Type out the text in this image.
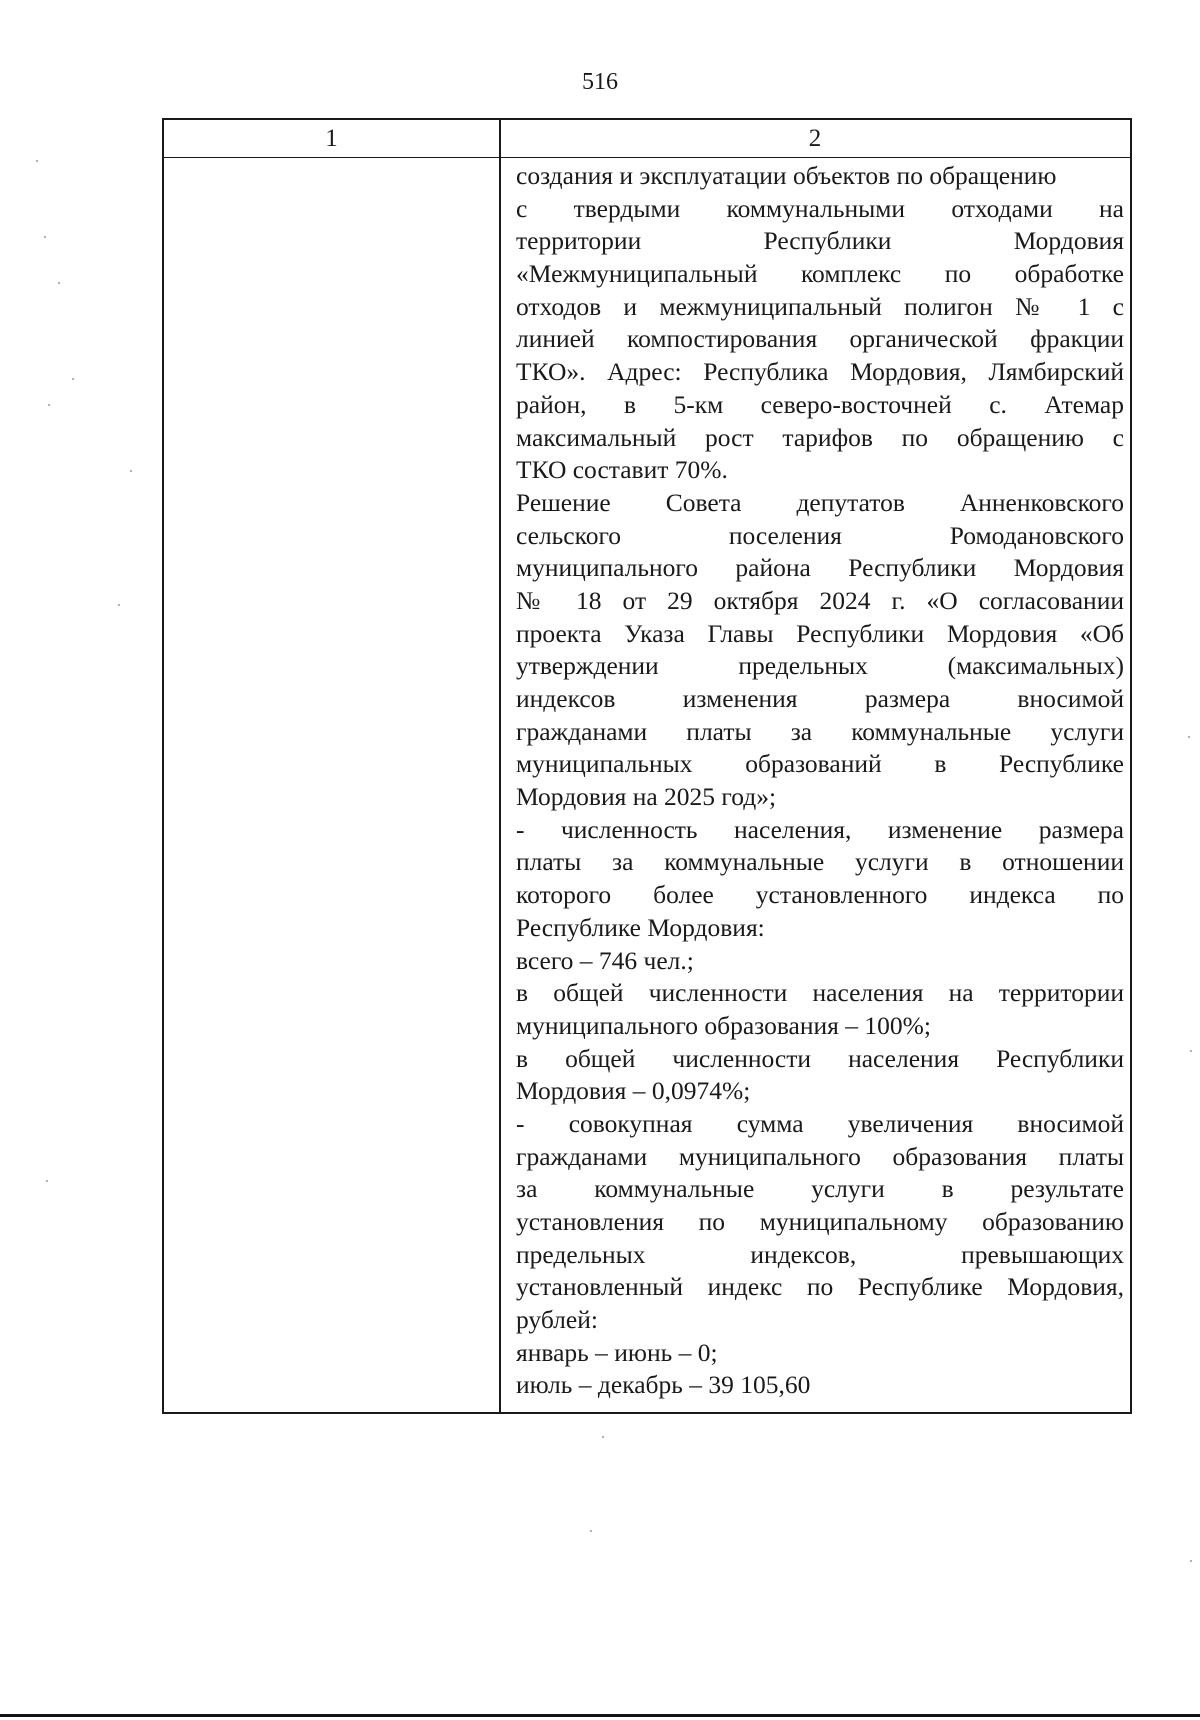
516
1	2
создания и эксплуатации объектов по обращению
с твердыми коммунальными отходами на
территории Республики Мордовия
«Межмуниципальный комплекс по обработке
отходов и межмуниципальный полигон № 1 с
линией компостирования органической фракции
ТКО». Адрес: Республика Мордовия, Лямбирский
район, в 5-км северо-восточней с. Атемар
максимальный рост тарифов по обращению с
ТКО составит 70%.
Решение Совета депутатов Анненковского
сельского поселения Ромодановского
муниципального района Республики Мордовия
№ 18 от 29 октября 2024 г. «О согласовании
проекта Указа Главы Республики Мордовия «Об
утверждении предельных (максимальных)
индексов изменения размера вносимой
гражданами платы за коммунальные услуги
муниципальных образований в Республике
Мордовия на 2025 год»;
- численность населения, изменение размера
платы за коммунальные услуги в отношении
которого более установленного индекса по
Республике Мордовия:
всего – 746 чел.;
в общей численности населения на территории
муниципального образования – 100%;
в общей численности населения Республики
Мордовия – 0,0974%;
- совокупная сумма увеличения вносимой
гражданами муниципального образования платы
за коммунальные услуги в результате
установления по муниципальному образованию
предельных индексов, превышающих
установленный индекс по Республике Мордовия,
рублей:
январь – июнь – 0;
июль – декабрь – 39 105,60
